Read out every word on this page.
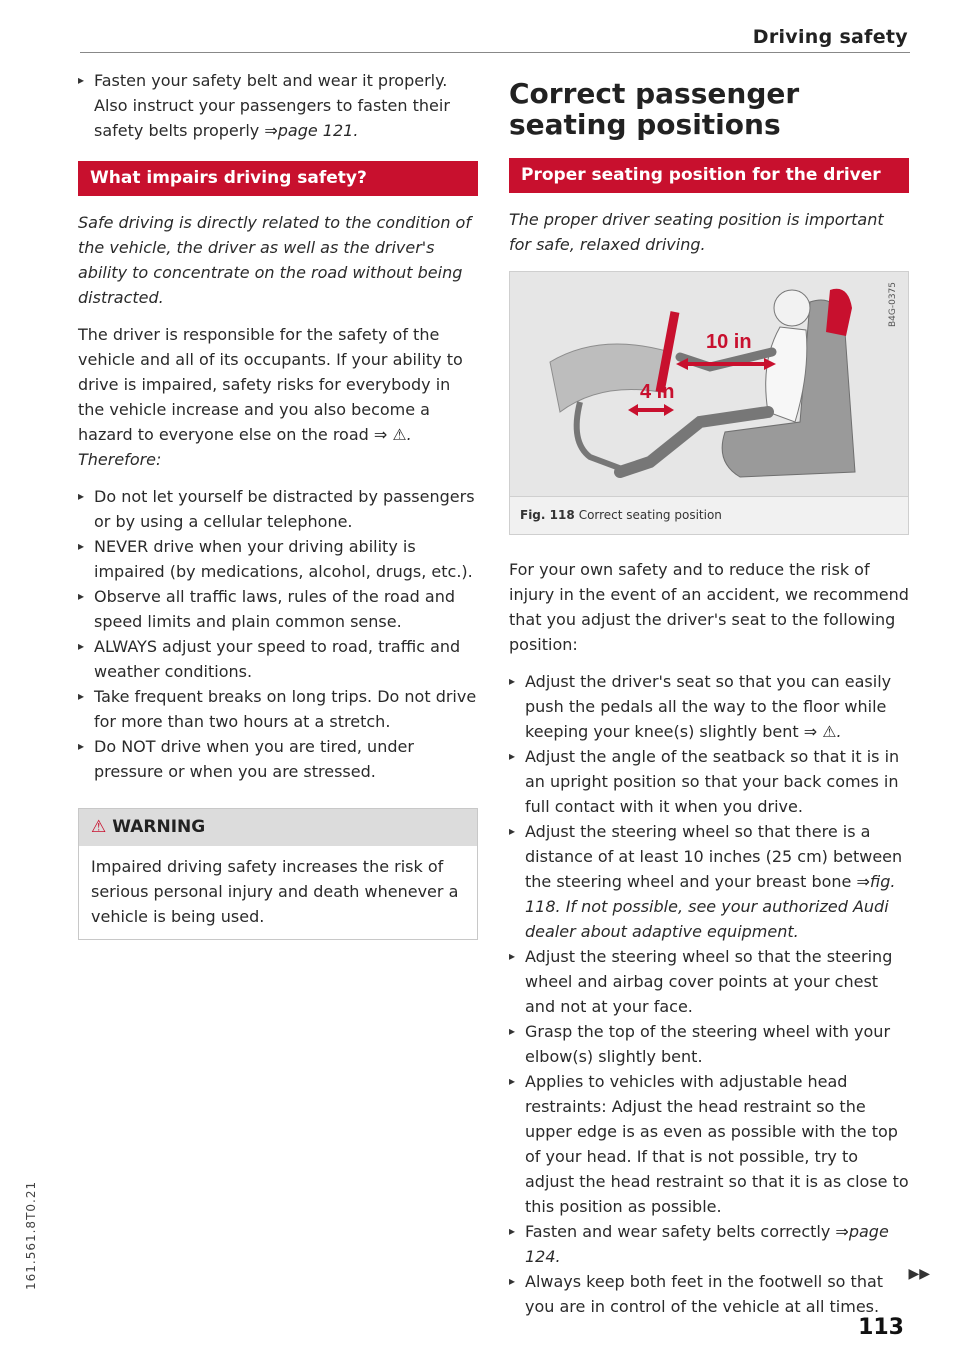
Driving safety
▸ Fasten your safety belt and wear it properly. Also instruct your passengers to fasten their safety belts properly ⇒page 121.
What impairs driving safety?

Safe driving is directly related to the condition of the vehicle, the driver as well as the driver's ability to concentrate on the road without being distracted.

The driver is responsible for the safety of the vehicle and all of its occupants. If your ability to drive is impaired, safety risks for everybody in the vehicle increase and you also become a hazard to everyone else on the road ⇒ ⚠. Therefore:

▸ Do not let yourself be distracted by passengers or by using a cellular telephone.
▸ NEVER drive when your driving ability is impaired (by medications, alcohol, drugs, etc.).
▸ Observe all traffic laws, rules of the road and speed limits and plain common sense.
▸ ALWAYS adjust your speed to road, traffic and weather conditions.
▸ Take frequent breaks on long trips. Do not drive for more than two hours at a stretch.
▸ Do NOT drive when you are tired, under pressure or when you are stressed.
⚠ WARNING
Impaired driving safety increases the risk of serious personal injury and death whenever a vehicle is being used.
Correct passenger seating positions
Proper seating position for the driver

The proper driver seating position is important for safe, relaxed driving.

10 in
4 in
B4G-0375
Fig. 118 Correct seating position

For your own safety and to reduce the risk of injury in the event of an accident, we recommend that you adjust the driver's seat to the following position:

▸ Adjust the driver's seat so that you can easily push the pedals all the way to the floor while keeping your knee(s) slightly bent ⇒ ⚠.
▸ Adjust the angle of the seatback so that it is in an upright position so that your back comes in full contact with it when you drive.
▸ Adjust the steering wheel so that there is a distance of at least 10 inches (25 cm) between the steering wheel and your breast bone ⇒fig. 118. If not possible, see your authorized Audi dealer about adaptive equipment.
▸ Adjust the steering wheel so that the steering wheel and airbag cover points at your chest and not at your face.
▸ Grasp the top of the steering wheel with your elbow(s) slightly bent.
▸ Applies to vehicles with adjustable head restraints: Adjust the head restraint so the upper edge is as even as possible with the top of your head. If that is not possible, try to adjust the head restraint so that it is as close to this position as possible.
▸ Fasten and wear safety belts correctly ⇒page 124.
▸ Always keep both feet in the footwell so that you are in control of the vehicle at all times.
▶▶
113
161.561.8T0.21
